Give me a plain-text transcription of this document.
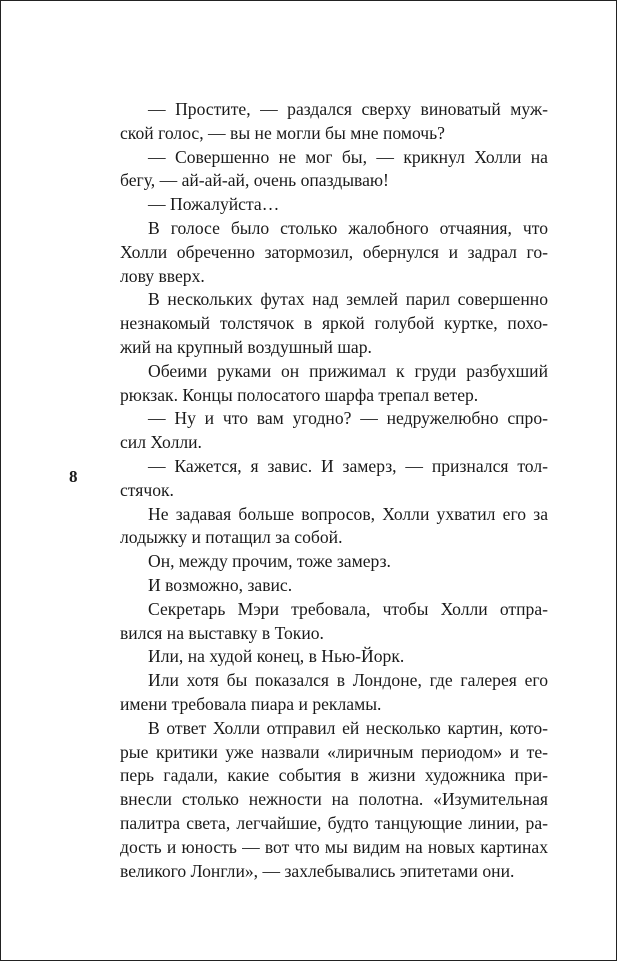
8
— Простите, — раздался сверху виноватый муж-
ской голос, — вы не могли бы мне помочь?
— Совершенно не мог бы, — крикнул Холли на
бегу, — ай-ай-ай, очень опаздываю!
— Пожалуйста…
В голосе было столько жалобного отчаяния, что
Холли обреченно затормозил, обернулся и задрал го-
лову вверх.
В нескольких футах над землей парил совершенно
незнакомый толстячок в яркой голубой куртке, похо-
жий на крупный воздушный шар.
Обеими руками он прижимал к груди разбухший
рюкзак. Концы полосатого шарфа трепал ветер.
— Ну и что вам угодно? — недружелюбно спро-
сил Холли.
— Кажется, я завис. И замерз, — признался тол-
стячок.
Не задавая больше вопросов, Холли ухватил его за
лодыжку и потащил за собой.
Он, между прочим, тоже замерз.
И возможно, завис.
Секретарь Мэри требовала, чтобы Холли отпра-
вился на выставку в Токио.
Или, на худой конец, в Нью-Йорк.
Или хотя бы показался в Лондоне, где галерея его
имени требовала пиара и рекламы.
В ответ Холли отправил ей несколько картин, кото-
рые критики уже назвали «лиричным периодом» и те-
перь гадали, какие события в жизни художника при-
внесли столько нежности на полотна. «Изумительная
палитра света, легчайшие, будто танцующие линии, ра-
дость и юность — вот что мы видим на новых картинах
великого Лонгли», — захлебывались эпитетами они.
